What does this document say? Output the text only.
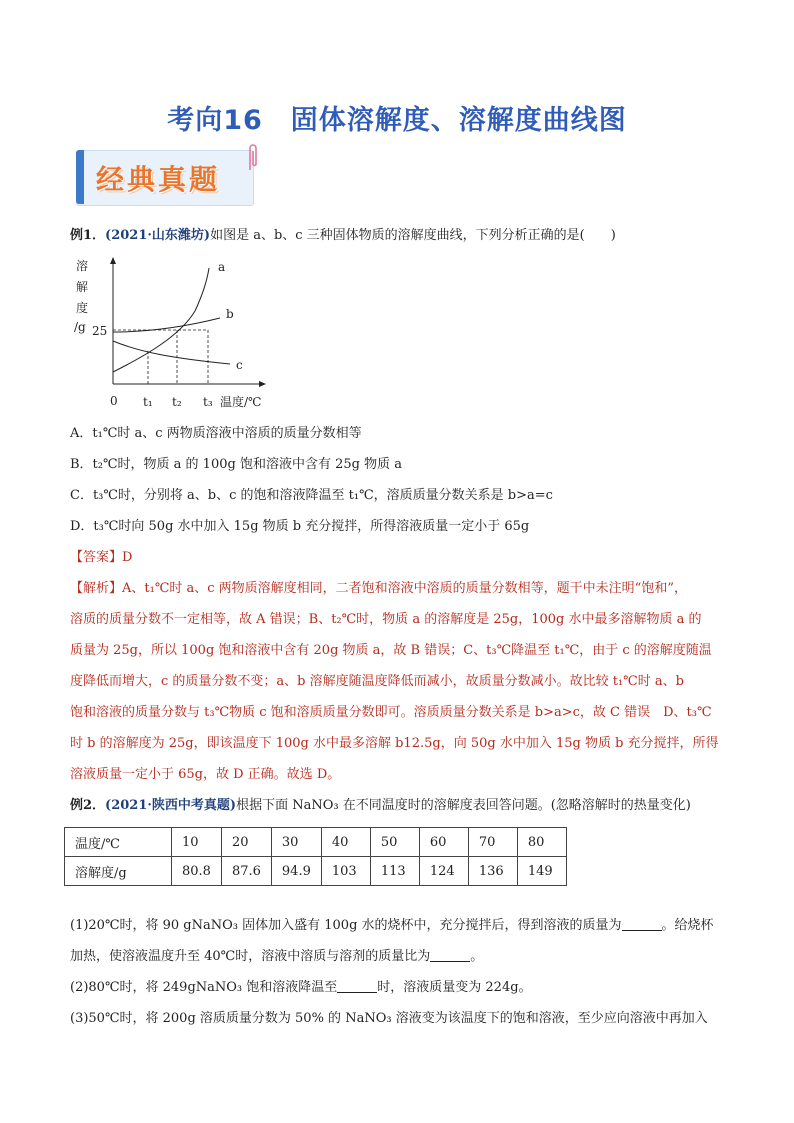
考向16　固体溶解度、溶解度曲线图
经典真题
例1．(2021·山东潍坊)如图是 a、b、c 三种固体物质的溶解度曲线，下列分析正确的是(　　)
溶
解
度
/g 25
a
b
c
0 t₁ t₂ t₃ 温度/℃
A．t₁℃时 a、c 两物质溶液中溶质的质量分数相等
B．t₂℃时，物质 a 的 100g 饱和溶液中含有 25g 物质 a
C．t₃℃时，分别将 a、b、c 的饱和溶液降温至 t₁℃，溶质质量分数关系是 b>a=c
D．t₃℃时向 50g 水中加入 15g 物质 b 充分搅拌，所得溶液质量一定小于 65g
【答案】D
【解析】A、t₁℃时 a、c 两物质溶解度相同，二者饱和溶液中溶质的质量分数相等，题干中未注明“饱和”，
溶质的质量分数不一定相等，故 A 错误；B、t₂℃时，物质 a 的溶解度是 25g，100g 水中最多溶解物质 a 的
质量为 25g，所以 100g 饱和溶液中含有 20g 物质 a，故 B 错误；C、t₃℃降温至 t₁℃，由于 c 的溶解度随温
度降低而增大，c 的质量分数不变；a、b 溶解度随温度降低而减小，故质量分数减小。故比较 t₁℃时 a、b
饱和溶液的质量分数与 t₃℃物质 c 饱和溶质质量分数即可。溶质质量分数关系是 b>a>c，故 C 错误　D、t₃℃
时 b 的溶解度为 25g，即该温度下 100g 水中最多溶解 b12.5g，向 50g 水中加入 15g 物质 b 充分搅拌，所得
溶液质量一定小于 65g，故 D 正确。故选 D。
例2．(2021·陕西中考真题)根据下面 NaNO₃ 在不同温度时的溶解度表回答问题。(忽略溶解时的热量变化)
温度/℃	10	20	30	40	50	60	70	80
溶解度/g	80.8	87.6	94.9	103	113	124	136	149
(1)20℃时，将 90 gNaNO₃ 固体加入盛有 100g 水的烧杯中，充分搅拌后，得到溶液的质量为	。给烧杯
加热，使溶液温度升至 40℃时，溶液中溶质与溶剂的质量比为	。
(2)80℃时，将 249gNaNO₃ 饱和溶液降温至	时，溶液质量变为 224g。
(3)50℃时，将 200g 溶质质量分数为 50% 的 NaNO₃ 溶液变为该温度下的饱和溶液，至少应向溶液中再加入
